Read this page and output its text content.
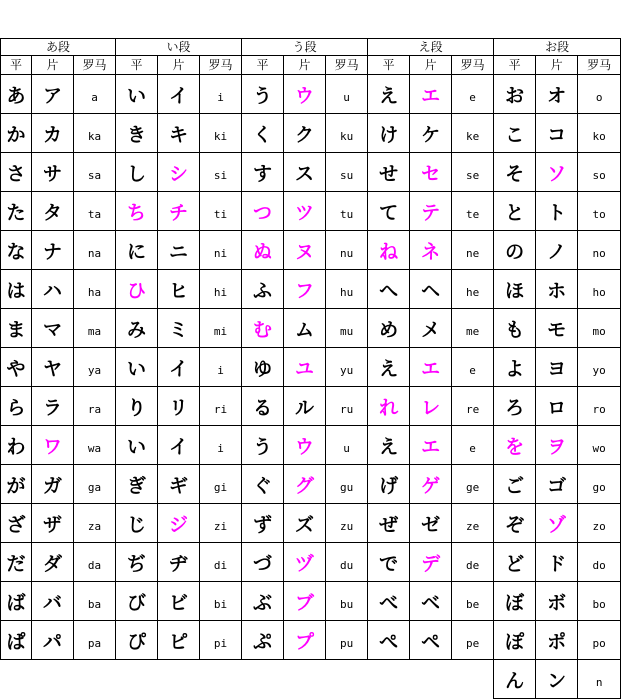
あ段			い段			う段			え段			お段		
平	片	罗马	平	片	罗马	平	片	罗马	平	片	罗马	平	片	罗马
あ	ア	a	い	イ	i	う	ウ	u	え	エ	e	お	オ	o
か	カ	ka	き	キ	ki	く	ク	ku	け	ケ	ke	こ	コ	ko
さ	サ	sa	し	シ	si	す	ス	su	せ	セ	se	そ	ソ	so
た	タ	ta	ち	チ	ti	つ	ツ	tu	て	テ	te	と	ト	to
な	ナ	na	に	ニ	ni	ぬ	ヌ	nu	ね	ネ	ne	の	ノ	no
は	ハ	ha	ひ	ヒ	hi	ふ	フ	hu	へ	ヘ	he	ほ	ホ	ho
ま	マ	ma	み	ミ	mi	む	ム	mu	め	メ	me	も	モ	mo
や	ヤ	ya	い	イ	i	ゆ	ユ	yu	え	エ	e	よ	ヨ	yo
ら	ラ	ra	り	リ	ri	る	ル	ru	れ	レ	re	ろ	ロ	ro
わ	ワ	wa	い	イ	i	う	ウ	u	え	エ	e	を	ヲ	wo
が	ガ	ga	ぎ	ギ	gi	ぐ	グ	gu	げ	ゲ	ge	ご	ゴ	go
ざ	ザ	za	じ	ジ	zi	ず	ズ	zu	ぜ	ゼ	ze	ぞ	ゾ	zo
だ	ダ	da	ぢ	ヂ	di	づ	ヅ	du	で	デ	de	ど	ド	do
ば	バ	ba	び	ビ	bi	ぶ	ブ	bu	べ	ベ	be	ぼ	ボ	bo
ぱ	パ	pa	ぴ	ピ	pi	ぷ	プ	pu	ぺ	ペ	pe	ぽ	ポ	po
												ん	ン	n
